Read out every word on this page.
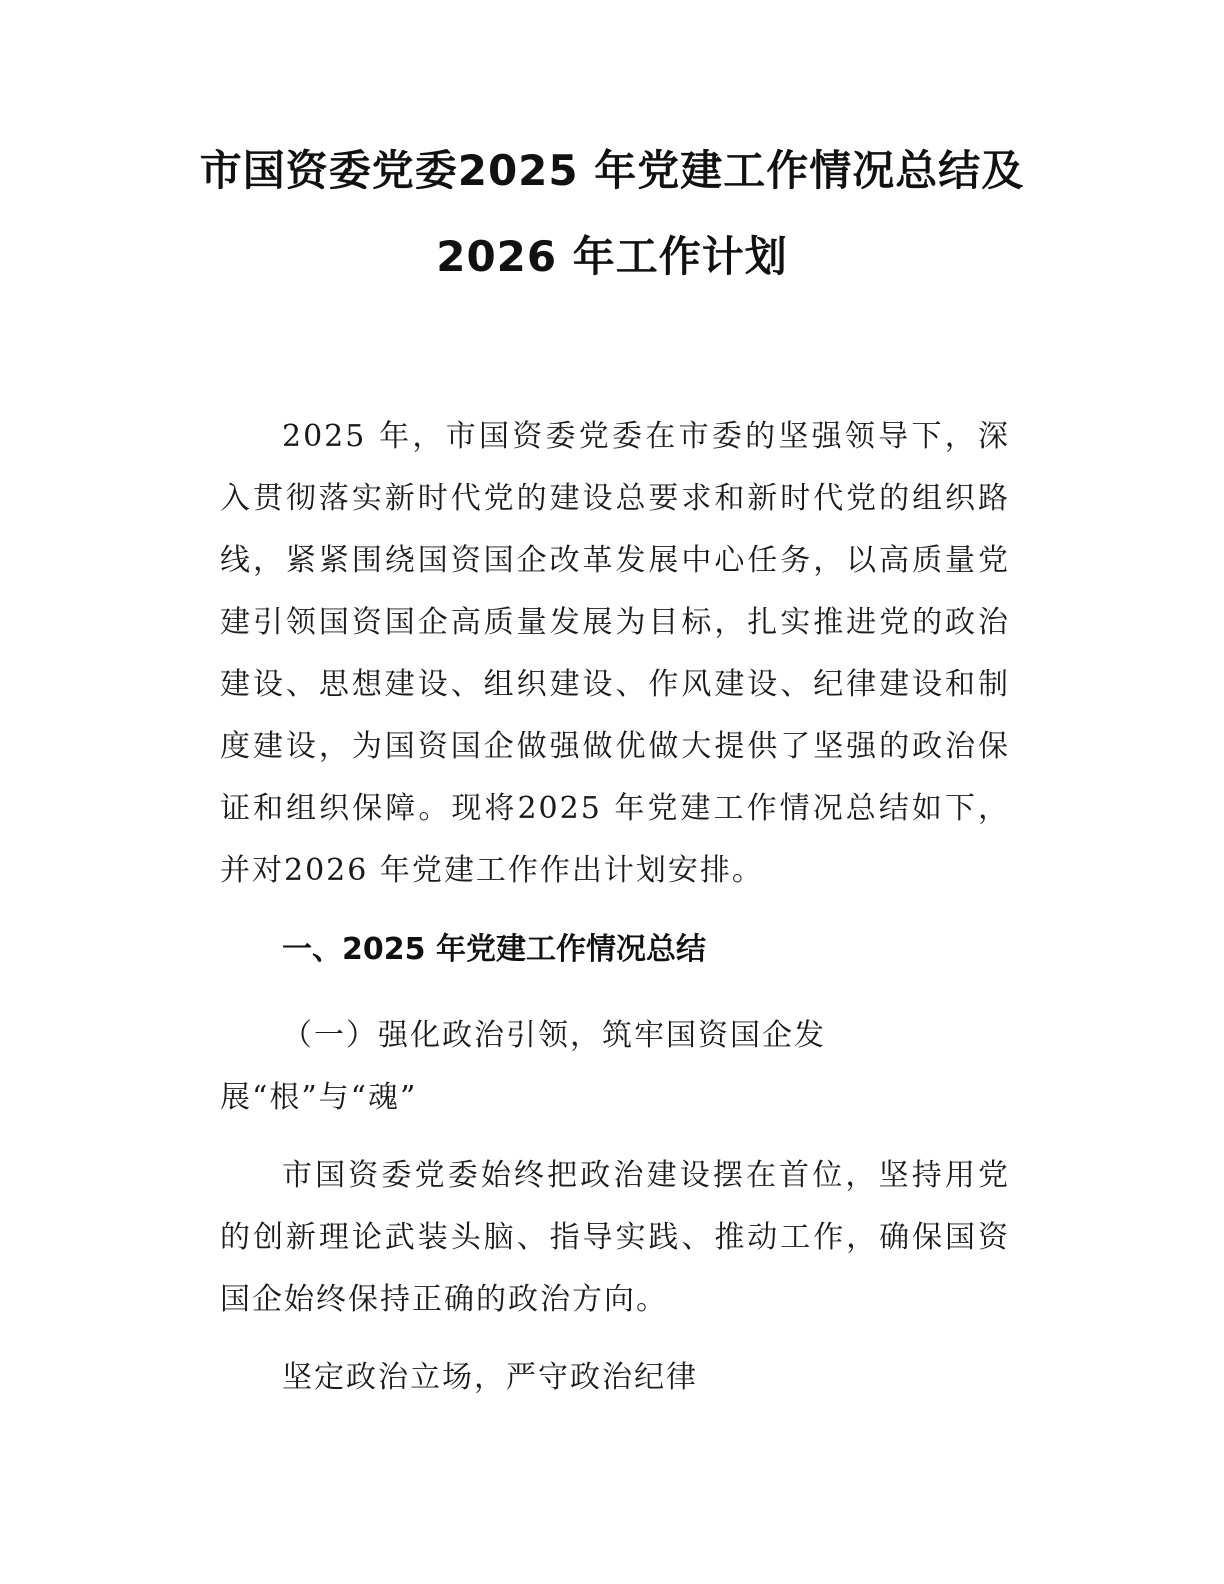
市国资委党委2025 年党建工作情况总结及
2026 年工作计划

2025 年，市国资委党委在市委的坚强领导下，深入贯彻落实新时代党的建设总要求和新时代党的组织路线，紧紧围绕国资国企改革发展中心任务，以高质量党建引领国资国企高质量发展为目标，扎实推进党的政治建设、思想建设、组织建设、作风建设、纪律建设和制度建设，为国资国企做强做优做大提供了坚强的政治保证和组织保障。现将2025 年党建工作情况总结如下，并对2026 年党建工作作出计划安排。

一、2025 年党建工作情况总结

（一）强化政治引领，筑牢国资国企发展“根”与“魂”

市国资委党委始终把政治建设摆在首位，坚持用党的创新理论武装头脑、指导实践、推动工作，确保国资国企始终保持正确的政治方向。

坚定政治立场，严守政治纪律
